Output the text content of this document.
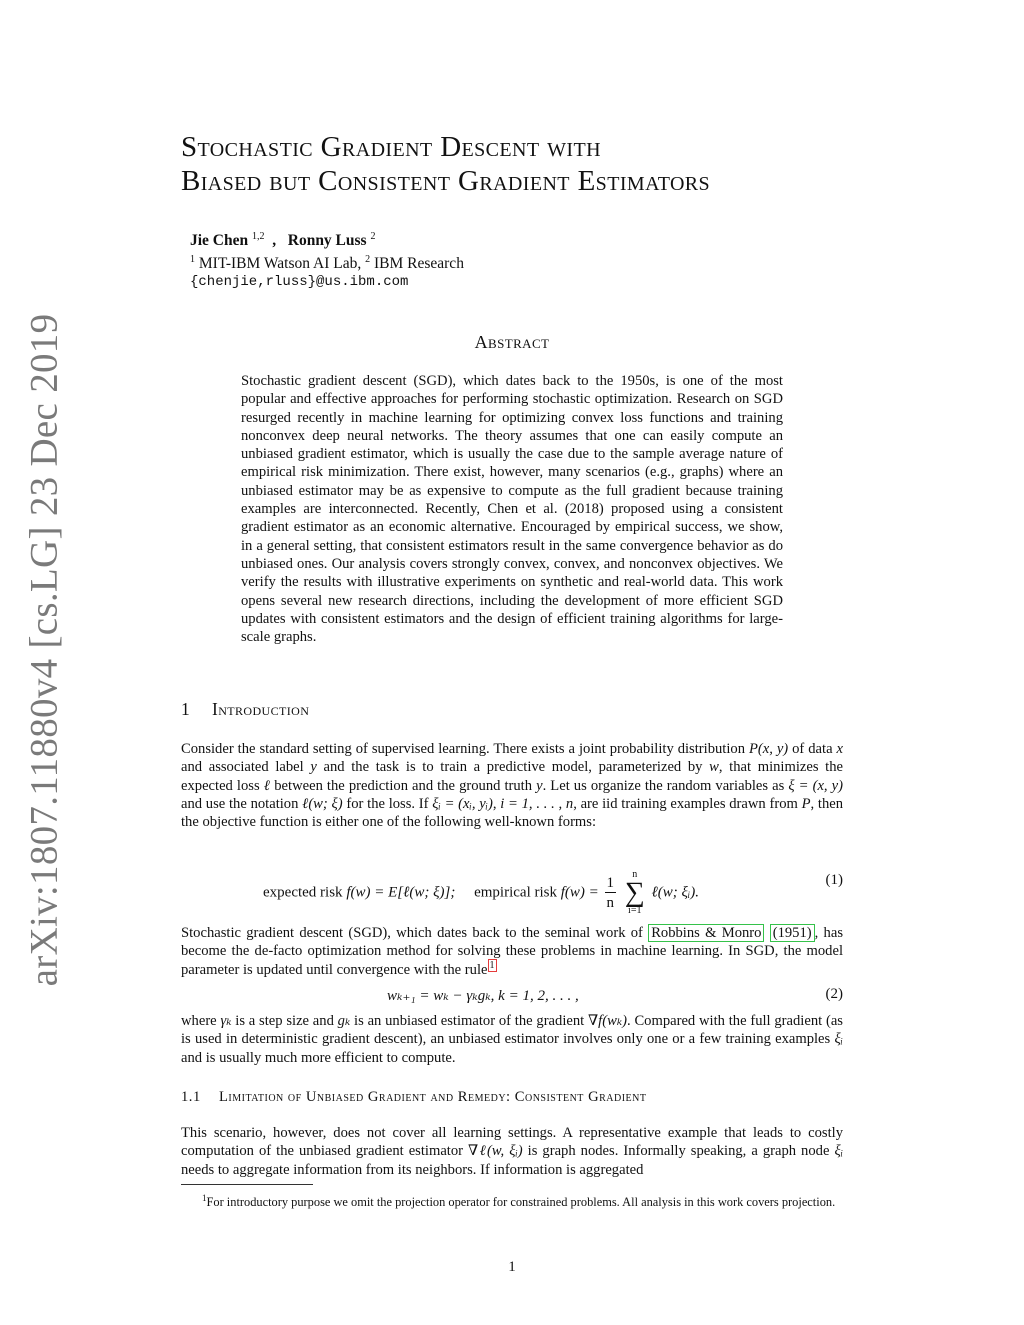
arXiv:1807.11880v4 [cs.LG] 23 Dec 2019
Stochastic Gradient Descent with
Biased but Consistent Gradient Estimators
Jie Chen $^{1,2}$  ,   Ronny Luss $^2$
$^1$ MIT-IBM Watson AI Lab, $^2$ IBM Research
{chenjie,rluss}@us.ibm.com
Abstract
Stochastic gradient descent (SGD), which dates back to the 1950s, is one of the most popular and effective approaches for performing stochastic optimization. Research on SGD resurged recently in machine learning for optimizing convex loss functions and training nonconvex deep neural networks. The theory assumes that one can easily compute an unbiased gradient estimator, which is usually the case due to the sample average nature of empirical risk minimization. There exist, however, many scenarios (e.g., graphs) where an unbiased estimator may be as expensive to compute as the full gradient because training examples are interconnected. Recently, Chen et al. (2018) proposed using a consistent gradient estimator as an economic alternative. Encouraged by empirical success, we show, in a general setting, that consistent estimators result in the same convergence behavior as do unbiased ones. Our analysis covers strongly convex, convex, and nonconvex objectives. We verify the results with illustrative experiments on synthetic and real-world data. This work opens several new research directions, including the development of more efficient SGD updates with consistent estimators and the design of efficient training algorithms for large-scale graphs.
1 Introduction
Consider the standard setting of supervised learning. There exists a joint probability distribution P(x, y) of data x and associated label y and the task is to train a predictive model, parameterized by w, that minimizes the expected loss ℓ between the prediction and the ground truth y. Let us organize the random variables as ξ = (x, y) and use the notation ℓ(w; ξ) for the loss. If ξᵢ = (xᵢ, yᵢ), i = 1, . . . , n, are iid training examples drawn from P, then the objective function is either one of the following well-known forms:
expected risk f(w) = E[ℓ(w; ξ)]; empirical risk $f(w) = \frac{1}{n}$
	n
∑
i=1
ℓ(w; ξᵢ).
(1)
Stochastic gradient descent (SGD), which dates back to the seminal work of Robbins & Monro (1951) , has become the de-facto optimization method for solving these problems in machine learning. In SGD, the model parameter is updated until convergence with the rule $^1$
wₖ₊₁ = wₖ − γₖgₖ, k = 1, 2, . . . ,	(2)
where γₖ is a step size and gₖ is an unbiased estimator of the gradient ∇f(wₖ). Compared with the full gradient (as is used in deterministic gradient descent), an unbiased estimator involves only one or a few training examples ξᵢ and is usually much more efficient to compute.
1.1 Limitation of Unbiased Gradient and Remedy: Consistent Gradient
This scenario, however, does not cover all learning settings. A representative example that leads to costly computation of the unbiased gradient estimator ∇ℓ(w, ξᵢ) is graph nodes. Informally speaking, a graph node ξᵢ needs to aggregate information from its neighbors. If information is aggregated
$^1$For introductory purpose we omit the projection operator for constrained problems. All analysis in this work covers projection.
1
